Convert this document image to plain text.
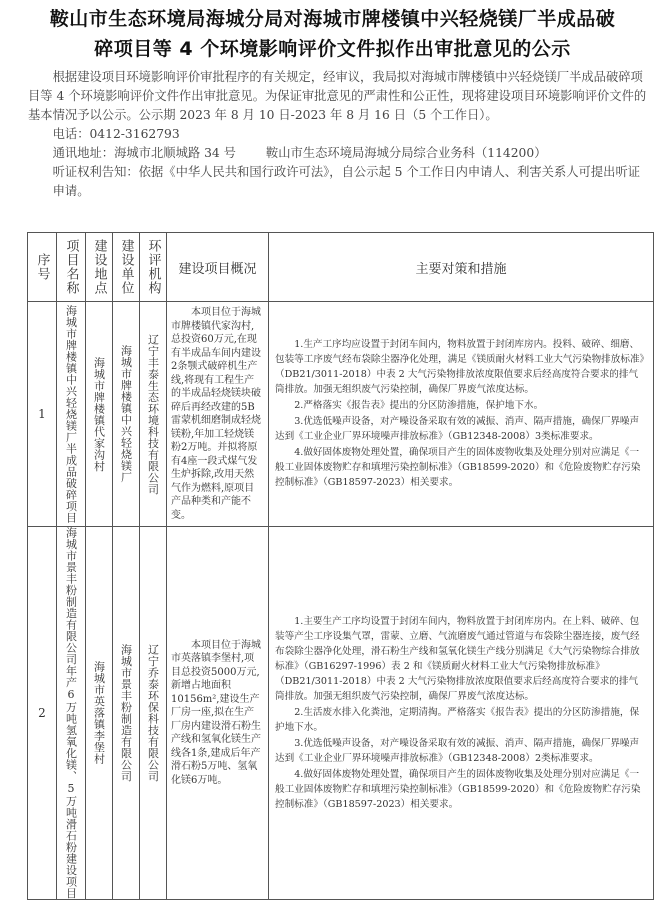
鞍山市生态环境局海城分局对海城市牌楼镇中兴轻烧镁厂半成品破
碎项目等 4 个环境影响评价文件拟作出审批意见的公示

根据建设项目环境影响评价审批程序的有关规定，经审议，我局拟对海城市牌楼镇中兴轻烧镁厂半成品破碎项目等 4 个环境影响评价文件作出审批意见。为保证审批意见的严肃性和公正性，现将建设项目环境影响评价文件的基本情况予以公示。公示期 2023 年 8 月 10 日-2023 年 8 月 16 日（5 个工作日）。

电话：0412-3162793

通讯地址：海城市北顺城路 34 号 鞍山市生态环境局海城分局综合业务科（114200）

听证权利告知：依据《中华人民共和国行政许可法》，自公示起 5 个工作日内申请人、利害关系人可提出听证申请。

序号	项目名称	建设地点	建设单位	环评机构	建设项目概况	主要对策和措施
1	海城市牌楼镇中兴轻烧镁厂半成品破碎项目	海城市牌楼镇代家沟村	海城市牌楼镇中兴轻烧镁厂	辽宁丰泰生态环境科技有限公司	本项目位于海城市牌楼镇代家沟村,总投资60万元,在现有半成品车间内建设2条颚式破碎机生产线,将现有工程生产的半成品轻烧镁块破碎后再经改建的5B雷蒙机细磨制成轻烧镁粉,年加工轻烧镁粉2万吨。并拟将原有4座一段式煤气发生炉拆除,改用天然气作为燃料,原项目产品种类和产能不变。	1.生产工序均应设置于封闭车间内，物料放置于封闭库房内。投料、破碎、细磨、包装等工序废气经布袋除尘器净化处理，满足《镁质耐火材料工业大气污染物排放标准》（DB21/3011-2018）中表 2 大气污染物排放浓度限值要求后经高度符合要求的排气筒排放。加强无组织废气污染控制，确保厂界废气浓度达标。

2.严格落实《报告表》提出的分区防渗措施，保护地下水。

3.优选低噪声设备，对产噪设备采取有效的减振、消声、隔声措施，确保厂界噪声达到《工业企业厂界环境噪声排放标准》（GB12348-2008）3类标准要求。

4.做好固体废物处理处置，确保项目产生的固体废物收集及处理分别对应满足《一般工业固体废物贮存和填埋污染控制标准》（GB18599-2020）和《危险废物贮存污染控制标准》（GB18597-2023）相关要求。

2	海城市景丰粉制造有限公司年产6万吨氢氧化镁、5万吨滑石粉建设项目	海城市英落镇李堡村	海城市景丰粉制造有限公司	辽宁乔泰环保科技有限公司	本项目位于海城市英落镇李堡村,项目总投资5000万元,新增占地面积10156m²,建设生产厂房一座,拟在生产厂房内建设滑石粉生产线和氢氧化镁生产线各1条,建成后年产滑石粉5万吨、氢氧化镁6万吨。	1.主要生产工序均设置于封闭车间内，物料放置于封闭库房内。在上料、破碎、包装等产尘工序设集气罩，雷蒙、立磨、气流磨废气通过管道与布袋除尘器连接，废气经布袋除尘器净化处理，滑石粉生产线和氢氧化镁生产线分别满足《大气污染物综合排放标准》（GB16297-1996）表 2 和《镁质耐火材料工业大气污染物排放标准》（DB21/3011-2018）中表 2 大气污染物排放浓度限值要求后经高度符合要求的排气筒排放。加强无组织废气污染控制，确保厂界废气浓度达标。

2.生活废水排入化粪池，定期清掏。严格落实《报告表》提出的分区防渗措施，保护地下水。

3.优选低噪声设备，对产噪设备采取有效的减振、消声、隔声措施，确保厂界噪声达到《工业企业厂界环境噪声排放标准》（GB12348-2008）2类标准要求。

4.做好固体废物处理处置，确保项目产生的固体废物收集及处理分别对应满足《一般工业固体废物贮存和填埋污染控制标准》（GB18599-2020）和《危险废物贮存污染控制标准》（GB18597-2023）相关要求。
